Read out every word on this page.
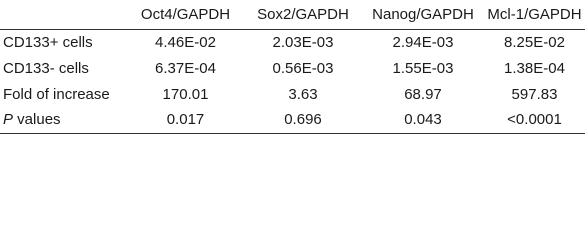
	Oct4/GAPDH	Sox2/GAPDH	Nanog/GAPDH	Mcl-1/GAPDH
CD133+ cells	4.46E-02	2.03E-03	2.94E-03	8.25E-02
CD133- cells	6.37E-04	0.56E-03	1.55E-03	1.38E-04
Fold of increase	170.01	3.63	68.97	597.83
P values	0.017	0.696	0.043	<0.0001
